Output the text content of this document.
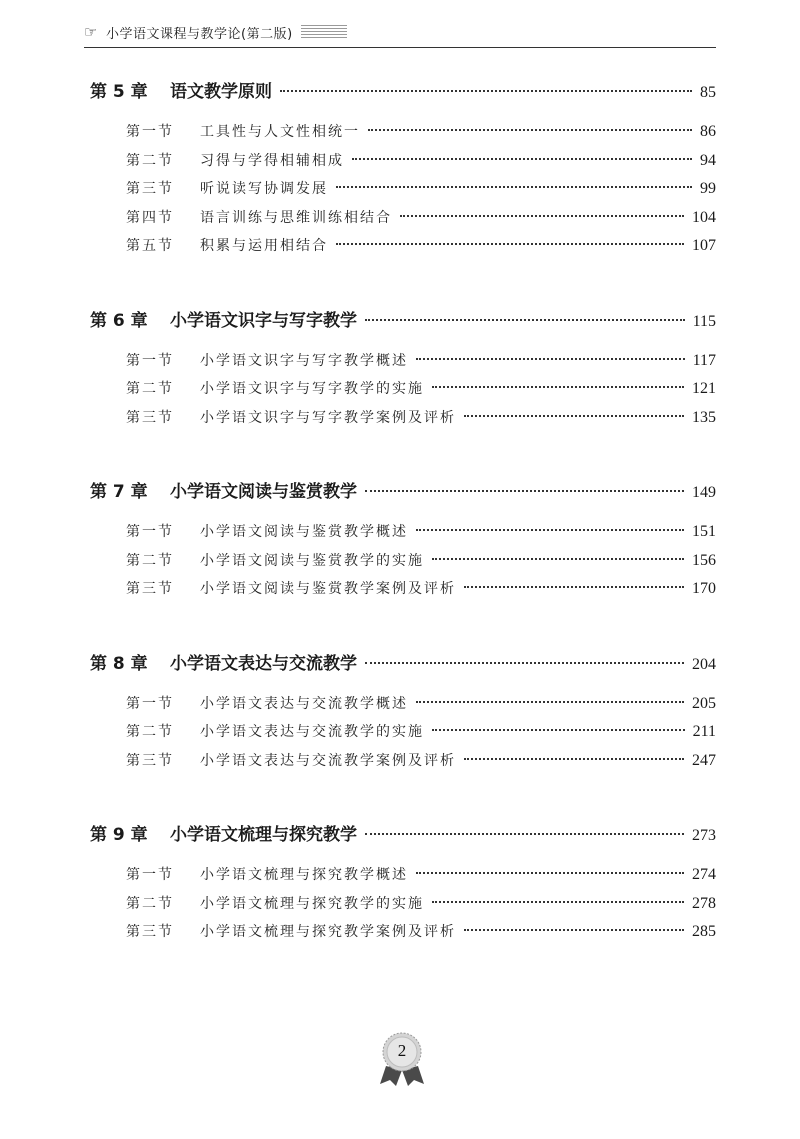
☞ 小学语文课程与教学论(第二版)
第 5 章	语文教学原则	85
第一节	工具性与人文性相统一	86
第二节	习得与学得相辅相成	94
第三节	听说读写协调发展	99
第四节	语言训练与思维训练相结合	104
第五节	积累与运用相结合	107
第 6 章	小学语文识字与写字教学	115
第一节	小学语文识字与写字教学概述	117
第二节	小学语文识字与写字教学的实施	121
第三节	小学语文识字与写字教学案例及评析	135
第 7 章	小学语文阅读与鉴赏教学	149
第一节	小学语文阅读与鉴赏教学概述	151
第二节	小学语文阅读与鉴赏教学的实施	156
第三节	小学语文阅读与鉴赏教学案例及评析	170
第 8 章	小学语文表达与交流教学	204
第一节	小学语文表达与交流教学概述	205
第二节	小学语文表达与交流教学的实施	211
第三节	小学语文表达与交流教学案例及评析	247
第 9 章	小学语文梳理与探究教学	273
第一节	小学语文梳理与探究教学概述	274
第二节	小学语文梳理与探究教学的实施	278
第三节	小学语文梳理与探究教学案例及评析	285
2
